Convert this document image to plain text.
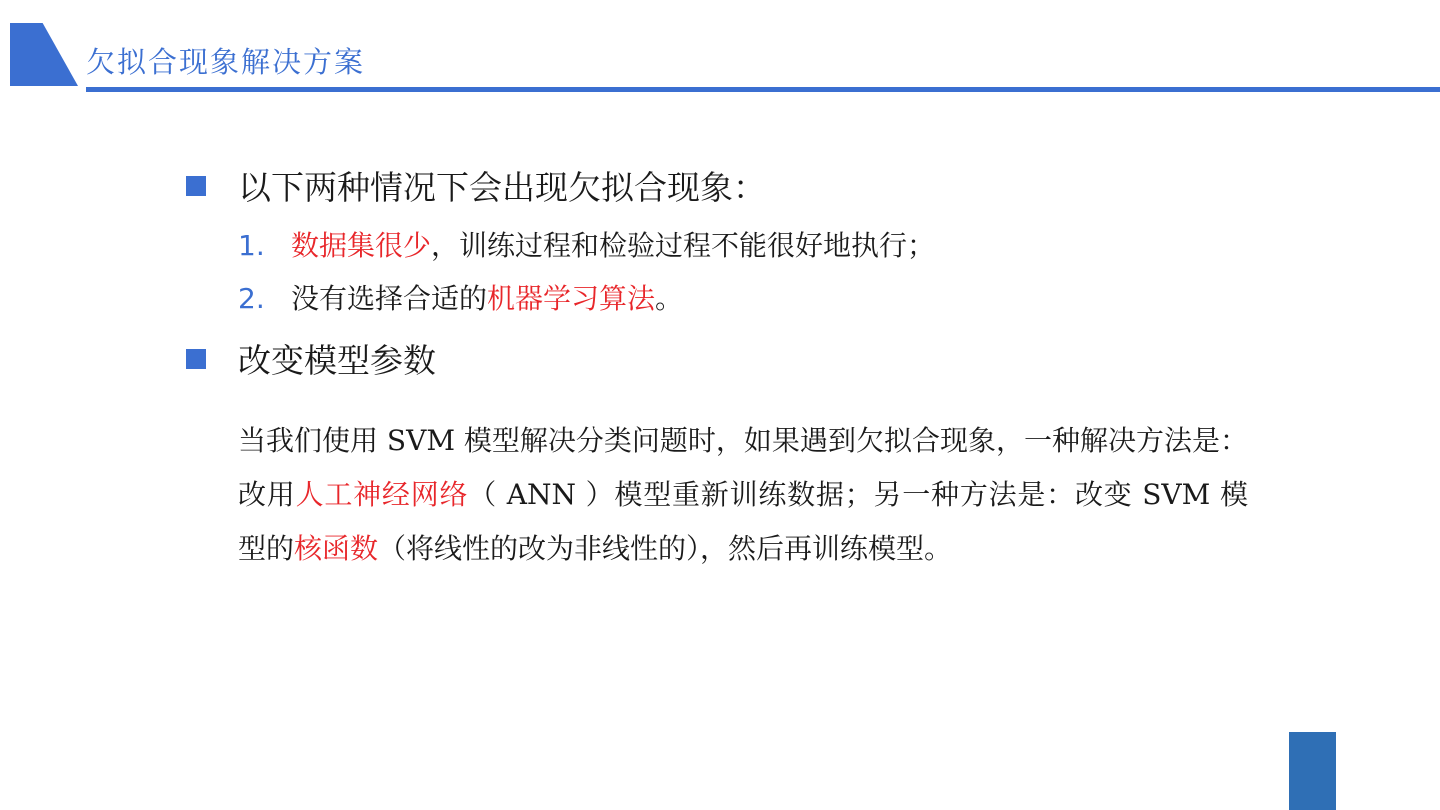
欠拟合现象解决方案
以下两种情况下会出现欠拟合现象：
1. 数据集很少，训练过程和检验过程不能很好地执行；
2. 没有选择合适的机器学习算法。
改变模型参数
当我们使用 SVM 模型解决分类问题时，如果遇到欠拟合现象，一种解决方法是：改用人工神经网络（ ANN ）模型重新训练数据；另一种方法是：改变 SVM 模型的核函数（将线性的改为非线性的），然后再训练模型。
